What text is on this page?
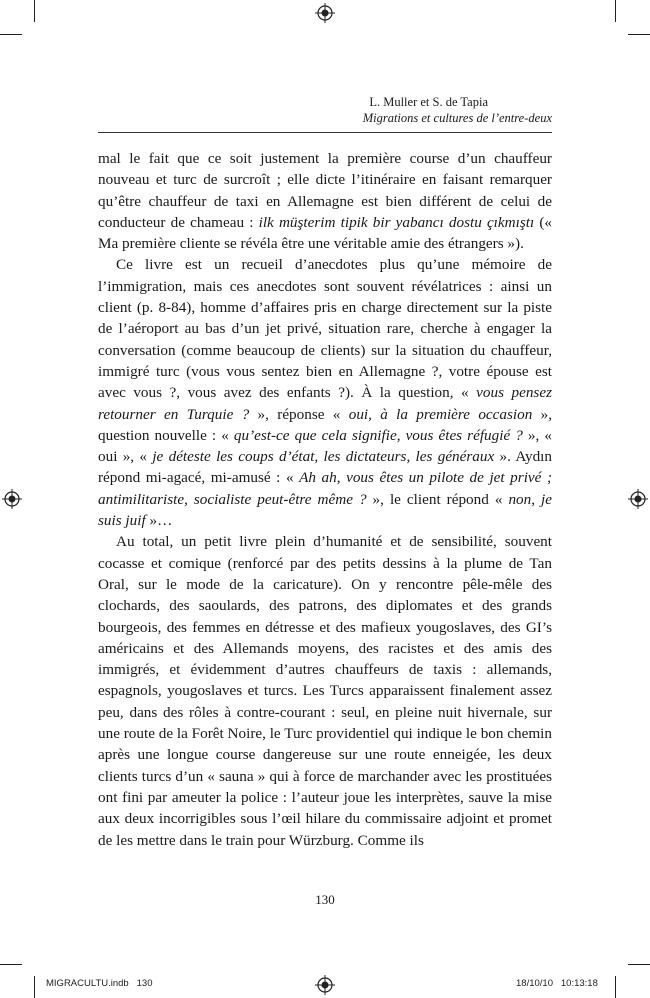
L. Muller et S. de Tapia
Migrations et cultures de l’entre-deux

mal le fait que ce soit justement la première course d’un chauffeur nouveau et turc de surcroît ; elle dicte l’itinéraire en faisant remarquer qu’être chauffeur de taxi en Allemagne est bien différent de celui de conducteur de chameau : ilk müşterim tipik bir yabancı dostu çıkmıştı (« Ma première cliente se révéla être une véritable amie des étrangers »).

Ce livre est un recueil d’anecdotes plus qu’une mémoire de l’immigration, mais ces anecdotes sont souvent révélatrices : ainsi un client (p. 8-84), homme d’affaires pris en charge directement sur la piste de l’aéroport au bas d’un jet privé, situation rare, cherche à engager la conversation (comme beaucoup de clients) sur la situation du chauffeur, immigré turc (vous vous sentez bien en Allemagne ?, votre épouse est avec vous ?, vous avez des enfants ?). À la question, « vous pensez retourner en Turquie ? », réponse « oui, à la première occasion », question nouvelle : « qu’est-ce que cela signifie, vous êtes réfugié ? », « oui », « je déteste les coups d’état, les dictateurs, les généraux ». Aydın répond mi-agacé, mi-amusé : « Ah ah, vous êtes un pilote de jet privé ; antimilitariste, socialiste peut-être même ? », le client répond « non, je suis juif »…

Au total, un petit livre plein d’humanité et de sensibilité, souvent cocasse et comique (renforcé par des petits dessins à la plume de Tan Oral, sur le mode de la caricature). On y rencontre pêle-mêle des clochards, des saoulards, des patrons, des diplomates et des grands bourgeois, des femmes en détresse et des mafieux yougoslaves, des GI’s américains et des Allemands moyens, des racistes et des amis des immigrés, et évidemment d’autres chauffeurs de taxis : allemands, espagnols, yougoslaves et turcs. Les Turcs apparaissent finalement assez peu, dans des rôles à contre-courant : seul, en pleine nuit hivernale, sur une route de la Forêt Noire, le Turc providentiel qui indique le bon chemin après une longue course dangereuse sur une route enneigée, les deux clients turcs d’un « sauna » qui à force de marchander avec les prostituées ont fini par ameuter la police : l’auteur joue les interprètes, sauve la mise aux deux incorrigibles sous l’œil hilare du commissaire adjoint et promet de les mettre dans le train pour Würzburg. Comme ils

130
MIGRACULTU.indb   130	18/10/10   10:13:18
